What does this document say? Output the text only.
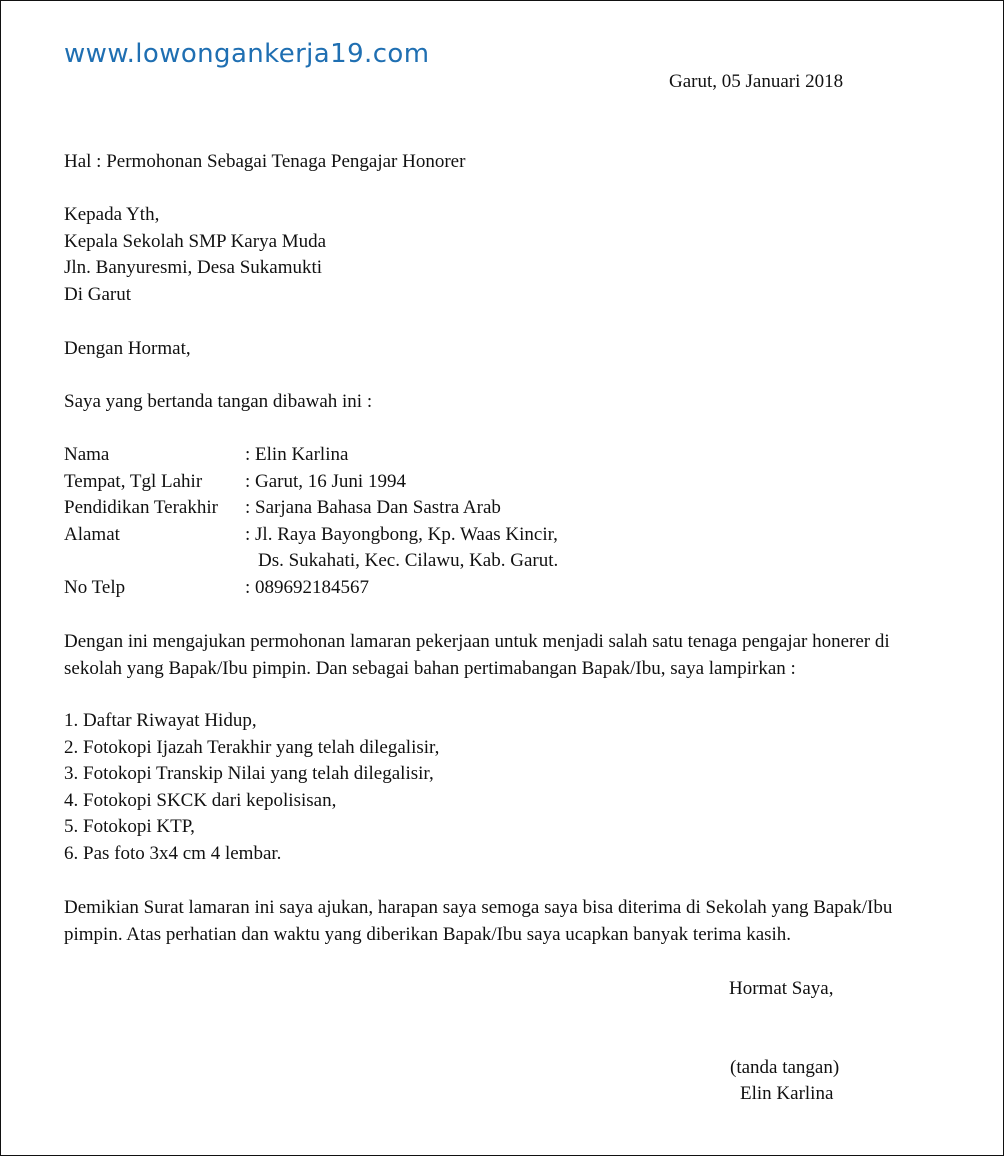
www.lowongankerja19.com
Garut, 05 Januari 2018
Hal : Permohonan Sebagai Tenaga Pengajar Honorer
Kepada Yth,
Kepala Sekolah SMP Karya Muda
Jln. Banyuresmi, Desa Sukamukti
Di Garut
Dengan Hormat,
Saya yang bertanda tangan dibawah ini :
Nama	: Elin Karlina
Tempat, Tgl Lahir : Garut, 16 Juni 1994
Pendidikan Terakhir : Sarjana Bahasa Dan Sastra Arab
Alamat	: Jl. Raya Bayongbong, Kp. Waas Kincir,
Ds. Sukahati, Kec. Cilawu, Kab. Garut.
No Telp	: 089692184567
Dengan ini mengajukan permohonan lamaran pekerjaan untuk menjadi salah satu tenaga pengajar honerer di
sekolah yang Bapak/Ibu pimpin. Dan sebagai bahan pertimabangan Bapak/Ibu, saya lampirkan :
1. Daftar Riwayat Hidup,
2. Fotokopi Ijazah Terakhir yang telah dilegalisir,
3. Fotokopi Transkip Nilai yang telah dilegalisir,
4. Fotokopi SKCK dari kepolisisan,
5. Fotokopi KTP,
6. Pas foto 3x4 cm 4 lembar.
Demikian Surat lamaran ini saya ajukan, harapan saya semoga saya bisa diterima di Sekolah yang Bapak/Ibu
pimpin. Atas perhatian dan waktu yang diberikan Bapak/Ibu saya ucapkan banyak terima kasih.
Hormat Saya,
(tanda tangan)
Elin Karlina
